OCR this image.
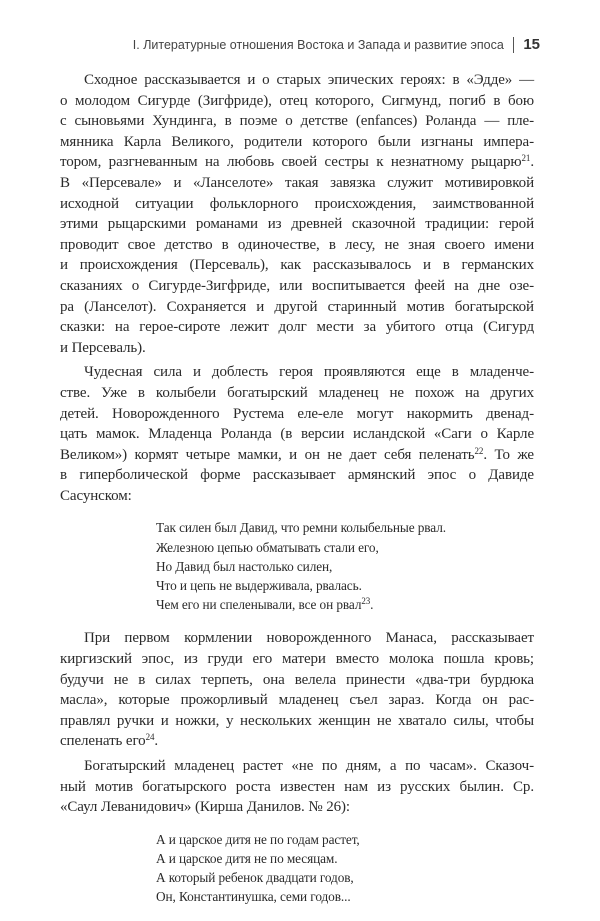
I. Литературные отношения Востока и Запада и развитие эпоса 15
Сходное рассказывается и о старых эпических героях: в «Эдде» —
о молодом Сигурде (Зигфриде), отец которого, Сигмунд, погиб в бою
с сыновьями Хундинга, в поэме о детстве (enfances) Роланда — пле-
мянника Карла Великого, родители которого были изгнаны импера-
тором, разгневанным на любовь своей сестры к незнатному рыцарю$^{21}$.
В «Персевале» и «Ланселоте» такая завязка служит мотивировкой
исходной ситуации фольклорного происхождения, заимствованной
этими рыцарскими романами из древней сказочной традиции: герой
проводит свое детство в одиночестве, в лесу, не зная своего имени
и происхождения (Персеваль), как рассказывалось и в германских
сказаниях о Сигурде-Зигфриде, или воспитывается феей на дне озе-
ра (Ланселот). Сохраняется и другой старинный мотив богатырской
сказки: на герое-сироте лежит долг мести за убитого отца (Сигурд
и Персеваль).
Чудесная сила и доблесть героя проявляются еще в младенче-
стве. Уже в колыбели богатырский младенец не похож на других
детей. Новорожденного Рустема еле-еле могут накормить двенад-
цать мамок. Младенца Роланда (в версии исландской «Саги о Карле
Великом») кормят четыре мамки, и он не дает себя пеленать$^{22}$. То же
в гиперболической форме рассказывает армянский эпос о Давиде
Сасунском:
Так силен был Давид, что ремни колыбельные рвал.
Железною цепью обматывать стали его,
Но Давид был настолько силен,
Что и цепь не выдерживала, рвалась.
Чем его ни спеленывали, все он рвал$^{23}$.
При первом кормлении новорожденного Манаса, рассказывает
киргизский эпос, из груди его матери вместо молока пошла кровь;
будучи не в силах терпеть, она велела принести «два-три бурдюка
масла», которые прожорливый младенец съел зараз. Когда он рас-
правлял ручки и ножки, у нескольких женщин не хватало силы, чтобы
спеленать его$^{24}$.
Богатырский младенец растет «не по дням, а по часам». Сказоч-
ный мотив богатырского роста известен нам из русских былин. Ср.
«Саул Леванидович» (Кирша Данилов. № 26):
А и царское дитя не по годам растет,
А и царское дитя не по месяцам.
А который ребенок двадцати годов,
Он, Константинушка, семи годов...
